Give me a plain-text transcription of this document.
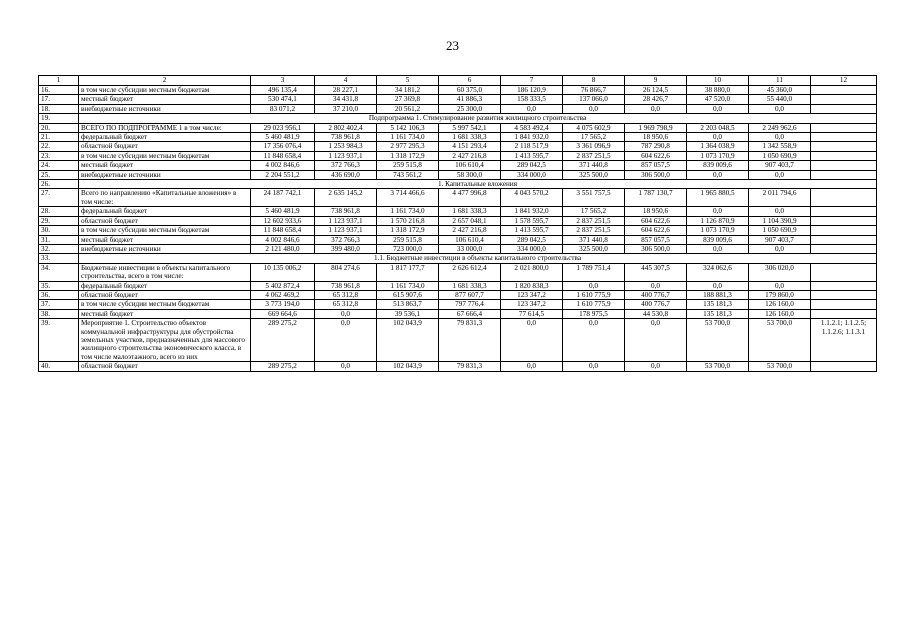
23
1	2	3	4	5	6	7	8	9	10	11	12
16.	в том числе субсидии местным бюджетам	496 135,4	28 227,1	34 181,2	60 375,0	186 120,9	76 866,7	26 124,5	38 880,0	45 360,0	
17.	местный бюджет	530 474,1	34 431,8	27 369,8	41 886,3	158 333,5	137 066,0	28 426,7	47 520,0	55 440,0	
18.	внебюджетные источники	83 071,2	37 210,0	20 561,2	25 300,0	0,0	0,0	0,0	0,0	0,0	
19.	Подпрограмма 1. Стимулирование развития жилищного строительства										
20.	ВСЕГО ПО ПОДПРОГРАММЕ 1 в том числе:	29 023 956,1	2 802 402,4	5 142 106,3	5 997 542,1	4 583 492,4	4 075 602,9	1 969 798,9	2 203 048,5	2 249 962,6	
21.	федеральный бюджет	5 460 481,9	738 961,8	1 161 734,0	1 681 338,3	1 841 932,0	17 565,2	18 950,6	0,0	0,0	
22.	областной бюджет	17 356 076,4	1 253 984,3	2 977 295,3	4 151 293,4	2 118 517,9	3 361 096,9	787 290,8	1 364 038,9	1 342 558,9	
23.	в том числе субсидии местным бюджетам	11 848 658,4	1 123 937,1	1 318 172,9	2 427 216,8	1 413 595,7	2 837 251,5	604 622,6	1 073 170,9	1 050 690,9	
24.	местный бюджет	4 002 846,6	372 766,3	259 515,8	106 610,4	289 042,5	371 440,8	857 057,5	839 009,6	907 403,7	
25.	внебюджетные источники	2 204 551,2	436 690,0	743 561,2	58 300,0	334 000,0	325 500,0	306 500,0	0,0	0,0	
26.	1. Капитальные вложения										
27.	Всего по направлению «Капитальные вложения» в том числе:	24 187 742,1	2 635 145,2	3 714 466,6	4 477 996,8	4 043 570,2	3 551 757,5	1 787 130,7	1 965 880,5	2 011 794,6	
28.	федеральный бюджет	5 460 481,9	738 961,8	1 161 734,0	1 681 338,3	1 841 932,0	17 565,2	18 950,6	0,0	0,0	
29.	областной бюджет	12 602 933,6	1 123 937,1	1 570 216,8	2 657 048,1	1 578 595,7	2 837 251,5	604 622,6	1 126 870,9	1 104 390,9	
30.	в том числе субсидии местным бюджетам	11 848 658,4	1 123 937,1	1 318 172,9	2 427 216,8	1 413 595,7	2 837 251,5	604 622,6	1 073 170,9	1 050 690,9	
31.	местный бюджет	4 002 846,6	372 766,3	259 515,8	106 610,4	289 042,5	371 440,8	857 057,5	839 009,6	907 403,7	
32.	внебюджетные источники	2 121 480,0	399 480,0	723 000,0	33 000,0	334 000,0	325 500,0	306 500,0	0,0	0,0	
33.	1.1. Бюджетные инвестиции в объекты капитального строительства										
34.	Бюджетные инвестиции в объекты капитального строительства, всего в том числе:	10 135 006,2	804 274,6	1 817 177,7	2 626 612,4	2 021 800,0	1 789 751,4	445 307,5	324 062,6	306 020,0	
35.	федеральный бюджет	5 402 872,4	738 961,8	1 161 734,0	1 681 338,3	1 820 838,3	0,0	0,0	0,0	0,0	
36.	областной бюджет	4 062 469,2	65 312,8	615 907,6	877 607,7	123 347,2	1 610 775,9	400 776,7	188 881,3	179 860,0	
37.	в том числе субсидии местным бюджетам	3 773 194,0	65 312,8	513 863,7	797 776,4	123 347,2	1 610 775,9	400 776,7	135 181,3	126 160,0	
38.	местный бюджет	669 664,6	0,0	39 536,1	67 666,4	77 614,5	178 975,5	44 530,8	135 181,3	126 160,0	
39.	Мероприятие 1. Строительство объектов коммунальной инфраструктуры для обустройства земельных участков, предназначенных для массового жилищного строительства экономического класса, в том числе малоэтажного, всего из них	289 275,2	0,0	102 043,9	79 831,3	0,0	0,0	0,0	53 700,0	53 700,0	1.1.2.1; 1.1.2.5; 1.1.2.6; 1.1.3.1
40.	областной бюджет	289 275,2	0,0	102 043,9	79 831,3	0,0	0,0	0,0	53 700,0	53 700,0	
